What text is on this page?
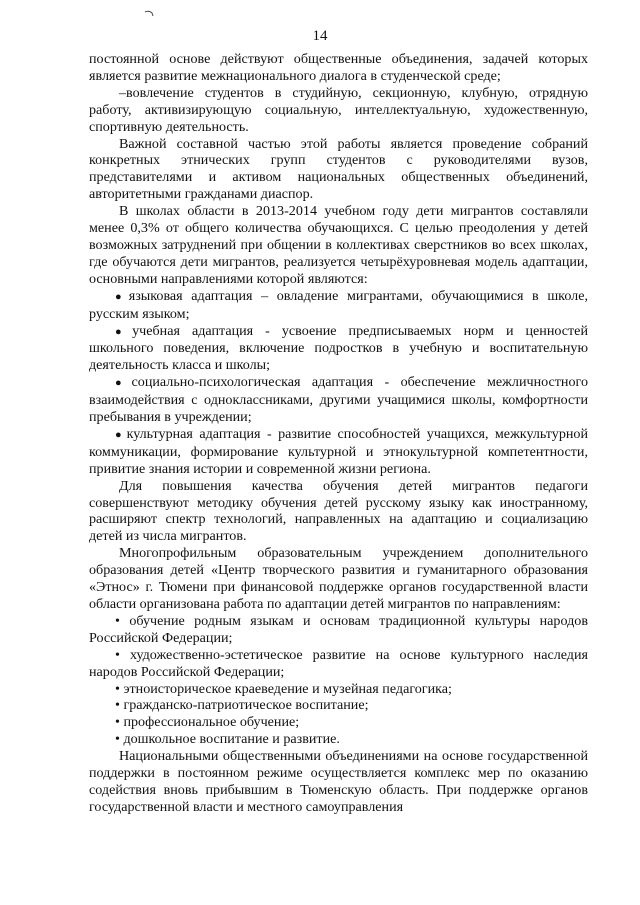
14

постоянной основе действуют общественные объединения, задачей которых является развитие межнационального диалога в студенческой среде;

–вовлечение студентов в студийную, секционную, клубную, отрядную работу, активизирующую социальную, интеллектуальную, художественную, спортивную деятельность.

Важной составной частью этой работы является проведение собраний конкретных этнических групп студентов с руководителями вузов, представителями и активом национальных общественных объединений, авторитетными гражданами диаспор.

В школах области в 2013-2014 учебном году дети мигрантов составляли менее 0,3% от общего количества обучающихся. С целью преодоления у детей возможных затруднений при общении в коллективах сверстников во всех школах, где обучаются дети мигрантов, реализуется четырёхуровневая модель адаптации, основными направлениями которой являются:

● языковая адаптация – овладение мигрантами, обучающимися в школе, русским языком;

● учебная адаптация - усвоение предписываемых норм и ценностей школьного поведения, включение подростков в учебную и воспитательную деятельность класса и школы;

● социально-психологическая адаптация - обеспечение межличностного взаимодействия с одноклассниками, другими учащимися школы, комфортности пребывания в учреждении;

● культурная адаптация - развитие способностей учащихся, межкультурной коммуникации, формирование культурной и этнокультурной компетентности, привитие знания истории и современной жизни региона.

Для повышения качества обучения детей мигрантов педагоги совершенствуют методику обучения детей русскому языку как иностранному, расширяют спектр технологий, направленных на адаптацию и социализацию детей из числа мигрантов.

Многопрофильным образовательным учреждением дополнительного образования детей «Центр творческого развития и гуманитарного образования «Этнос» г. Тюмени при финансовой поддержке органов государственной власти области организована работа по адаптации детей мигрантов по направлениям:

• обучение родным языкам и основам традиционной культуры народов Российской Федерации;

• художественно-эстетическое развитие на основе культурного наследия народов Российской Федерации;

• этноисторическое краеведение и музейная педагогика;

• гражданско-патриотическое воспитание;

• профессиональное обучение;

• дошкольное воспитание и развитие.

Национальными общественными объединениями на основе государственной поддержки в постоянном режиме осуществляется комплекс мер по оказанию содействия вновь прибывшим в Тюменскую область. При поддержке органов государственной власти и местного самоуправления
